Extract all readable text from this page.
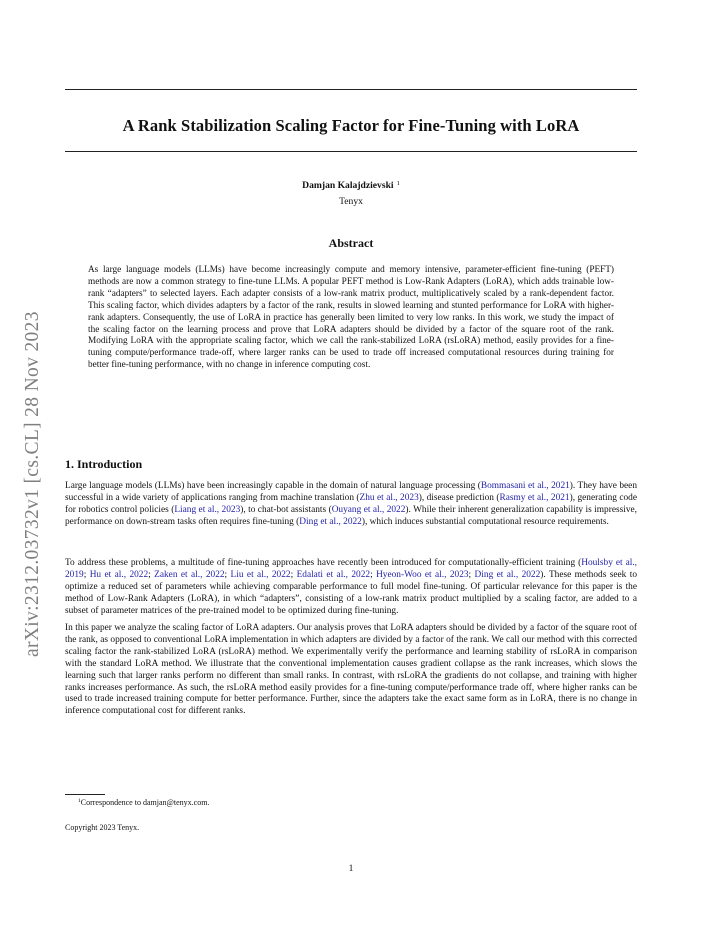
arXiv:2312.03732v1 [cs.CL] 28 Nov 2023
A Rank Stabilization Scaling Factor for Fine-Tuning with LoRA
Damjan Kalajdzievski $^1$
Tenyx
Abstract

As large language models (LLMs) have become increasingly compute and memory intensive, parameter-efficient fine-tuning (PEFT) methods are now a common strategy to fine-tune LLMs. A popular PEFT method is Low-Rank Adapters (LoRA), which adds trainable low-rank “adapters” to selected layers. Each adapter consists of a low-rank matrix product, multiplicatively scaled by a rank-dependent factor. This scaling factor, which divides adapters by a factor of the rank, results in slowed learning and stunted performance for LoRA with higher-rank adapters. Consequently, the use of LoRA in practice has generally been limited to very low ranks. In this work, we study the impact of the scaling factor on the learning process and prove that LoRA adapters should be divided by a factor of the square root of the rank. Modifying LoRA with the appropriate scaling factor, which we call the rank-stabilized LoRA (rsLoRA) method, easily provides for a fine-tuning compute/performance trade-off, where larger ranks can be used to trade off increased computational resources during training for better fine-tuning performance, with no change in inference computing cost.

1. Introduction

Large language models (LLMs) have been increasingly capable in the domain of natural language processing (Bommasani et al., 2021). They have been successful in a wide variety of applications ranging from machine translation (Zhu et al., 2023), disease prediction (Rasmy et al., 2021), generating code for robotics control policies (Liang et al., 2023), to chat-bot assistants (Ouyang et al., 2022). While their inherent generalization capability is impressive, performance on down-stream tasks often requires fine-tuning (Ding et al., 2022), which induces substantial computational resource requirements.

To address these problems, a multitude of fine-tuning approaches have recently been introduced for computationally-efficient training (Houlsby et al., 2019; Hu et al., 2022; Zaken et al., 2022; Liu et al., 2022; Edalati et al., 2022; Hyeon-Woo et al., 2023; Ding et al., 2022). These methods seek to optimize a reduced set of parameters while achieving comparable performance to full model fine-tuning. Of particular relevance for this paper is the method of Low-Rank Adapters (LoRA), in which “adapters”, consisting of a low-rank matrix product multiplied by a scaling factor, are added to a subset of parameter matrices of the pre-trained model to be optimized during fine-tuning.

In this paper we analyze the scaling factor of LoRA adapters. Our analysis proves that LoRA adapters should be divided by a factor of the square root of the rank, as opposed to conventional LoRA implementation in which adapters are divided by a factor of the rank. We call our method with this corrected scaling factor the rank-stabilized LoRA (rsLoRA) method. We experimentally verify the performance and learning stability of rsLoRA in comparison with the standard LoRA method. We illustrate that the conventional implementation causes gradient collapse as the rank increases, which slows the learning such that larger ranks perform no different than small ranks. In contrast, with rsLoRA the gradients do not collapse, and training with higher ranks increases performance. As such, the rsLoRA method easily provides for a fine-tuning compute/performance trade off, where higher ranks can be used to trade increased training compute for better performance. Further, since the adapters take the exact same form as in LoRA, there is no change in inference computational cost for different ranks.

$^1$Correspondence to damjan@tenyx.com.
Copyright 2023 Tenyx.
1
